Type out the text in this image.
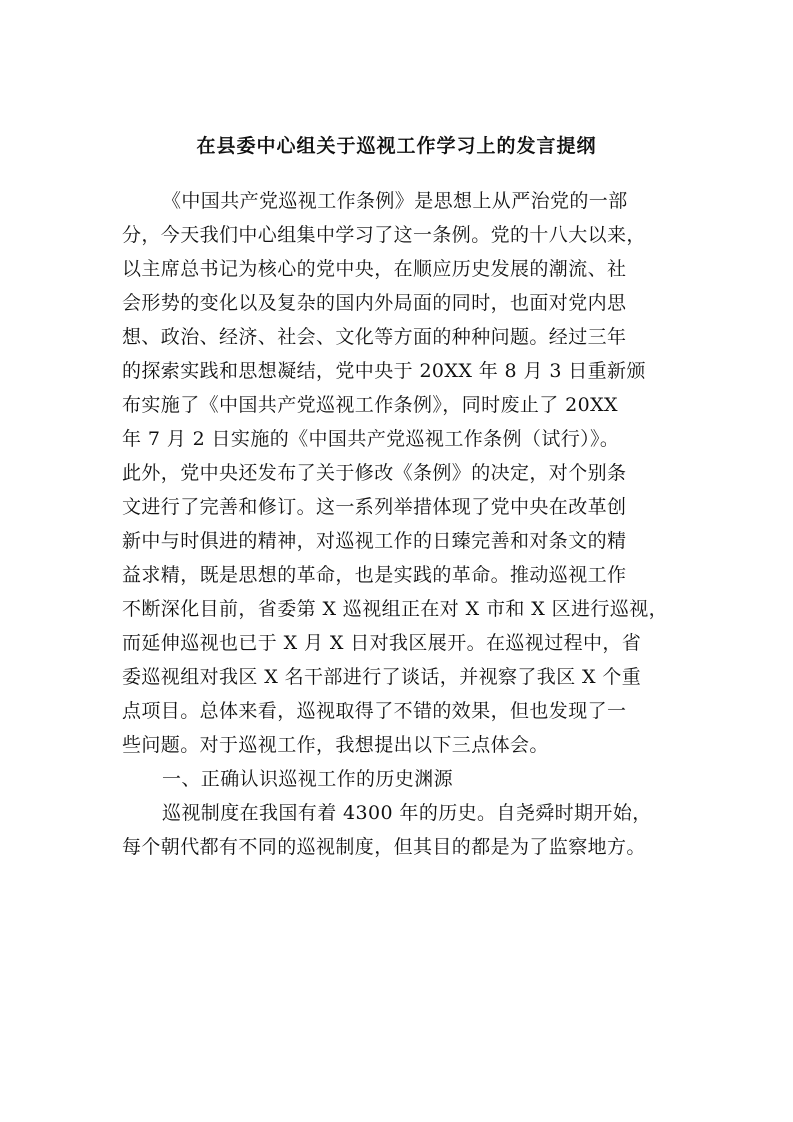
在县委中心组关于巡视工作学习上的发言提纲
《中国共产党巡视工作条例》是思想上从严治党的一部
分，今天我们中心组集中学习了这一条例。党的十八大以来，
以主席总书记为核心的党中央，在顺应历史发展的潮流、社
会形势的变化以及复杂的国内外局面的同时，也面对党内思
想、政治、经济、社会、文化等方面的种种问题。经过三年
的探索实践和思想凝结，党中央于 20XX 年 8 月 3 日重新颁
布实施了《中国共产党巡视工作条例》，同时废止了 20XX
年 7 月 2 日实施的《中国共产党巡视工作条例（试行）》。
此外，党中央还发布了关于修改《条例》的决定，对个别条
文进行了完善和修订。这一系列举措体现了党中央在改革创
新中与时俱进的精神，对巡视工作的日臻完善和对条文的精
益求精，既是思想的革命，也是实践的革命。推动巡视工作
不断深化目前，省委第 X 巡视组正在对 X 市和 X 区进行巡视，
而延伸巡视也已于 X 月 X 日对我区展开。在巡视过程中，省
委巡视组对我区 X 名干部进行了谈话，并视察了我区 X 个重
点项目。总体来看，巡视取得了不错的效果，但也发现了一
些问题。对于巡视工作，我想提出以下三点体会。
一、正确认识巡视工作的历史渊源
巡视制度在我国有着 4300 年的历史。自尧舜时期开始，
每个朝代都有不同的巡视制度，但其目的都是为了监察地方。
